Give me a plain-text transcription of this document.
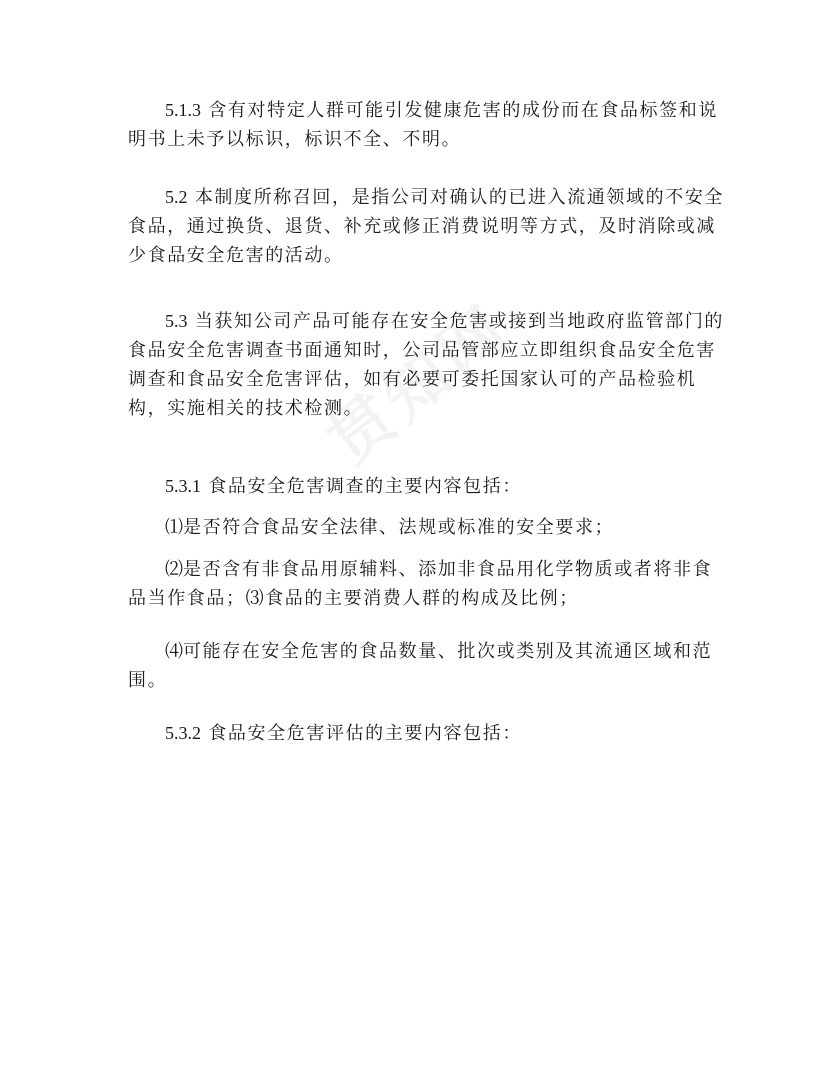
5.1.3 含有对特定人群可能引发健康危害的成份而在食品标签和说
明书上未予以标识，标识不全、不明。
5.2 本制度所称召回，是指公司对确认的已进入流通领域的不安全
食品，通过换货、退货、补充或修正消费说明等方式，及时消除或减
少食品安全危害的活动。
5.3 当获知公司产品可能存在安全危害或接到当地政府监管部门的
食品安全危害调查书面通知时，公司品管部应立即组织食品安全危害
调查和食品安全危害评估，如有必要可委托国家认可的产品检验机
构，实施相关的技术检测。
5.3.1 食品安全危害调查的主要内容包括：
⑴是否符合食品安全法律、法规或标准的安全要求；
⑵是否含有非食品用原辅料、添加非食品用化学物质或者将非食
品当作食品；⑶食品的主要消费人群的构成及比例；
⑷可能存在安全危害的食品数量、批次或类别及其流通区域和范
围。
5.3.2 食品安全危害评估的主要内容包括：
